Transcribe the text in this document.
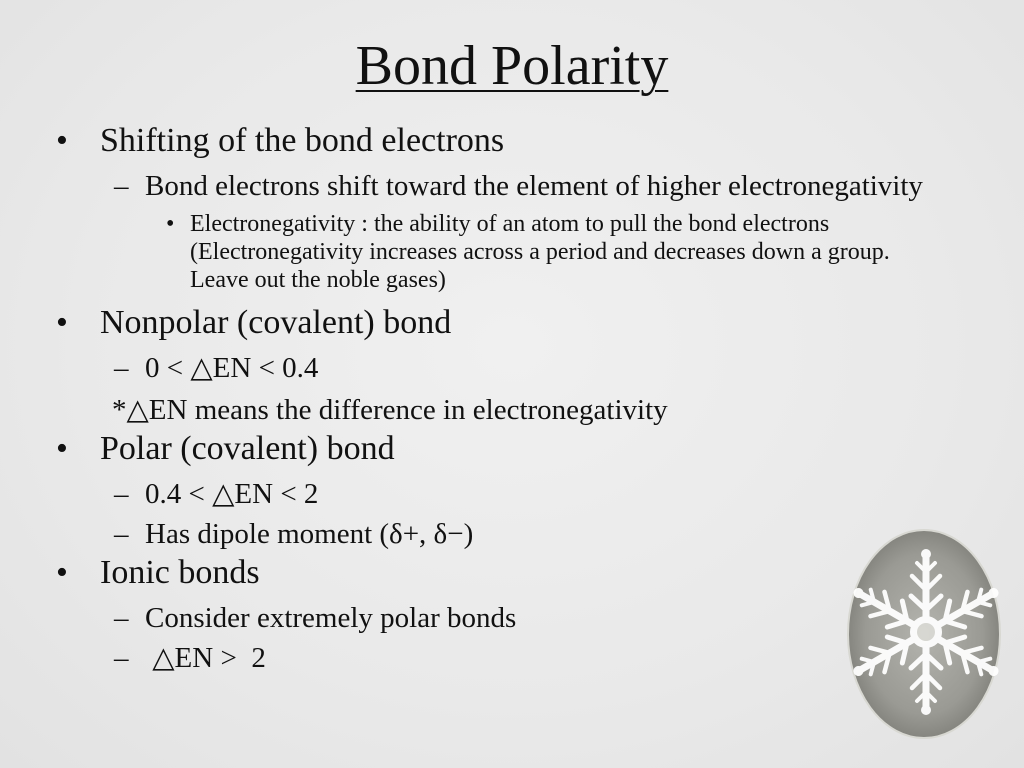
Bond Polarity
• Shifting of the bond electrons
– Bond electrons shift toward the element of higher electronegativity
• Electronegativity : the ability of an atom to pull the bond electrons (Electronegativity increases across a period and decreases down a group. Leave out the noble gases)
• Nonpolar (covalent) bond
– 0 < △EN < 0.4
*△EN means the difference in electronegativity
• Polar (covalent) bond
– 0.4 < △EN < 2
– Has dipole moment (δ+, δ−)
• Ionic bonds
– Consider extremely polar bonds
– △EN >  2
